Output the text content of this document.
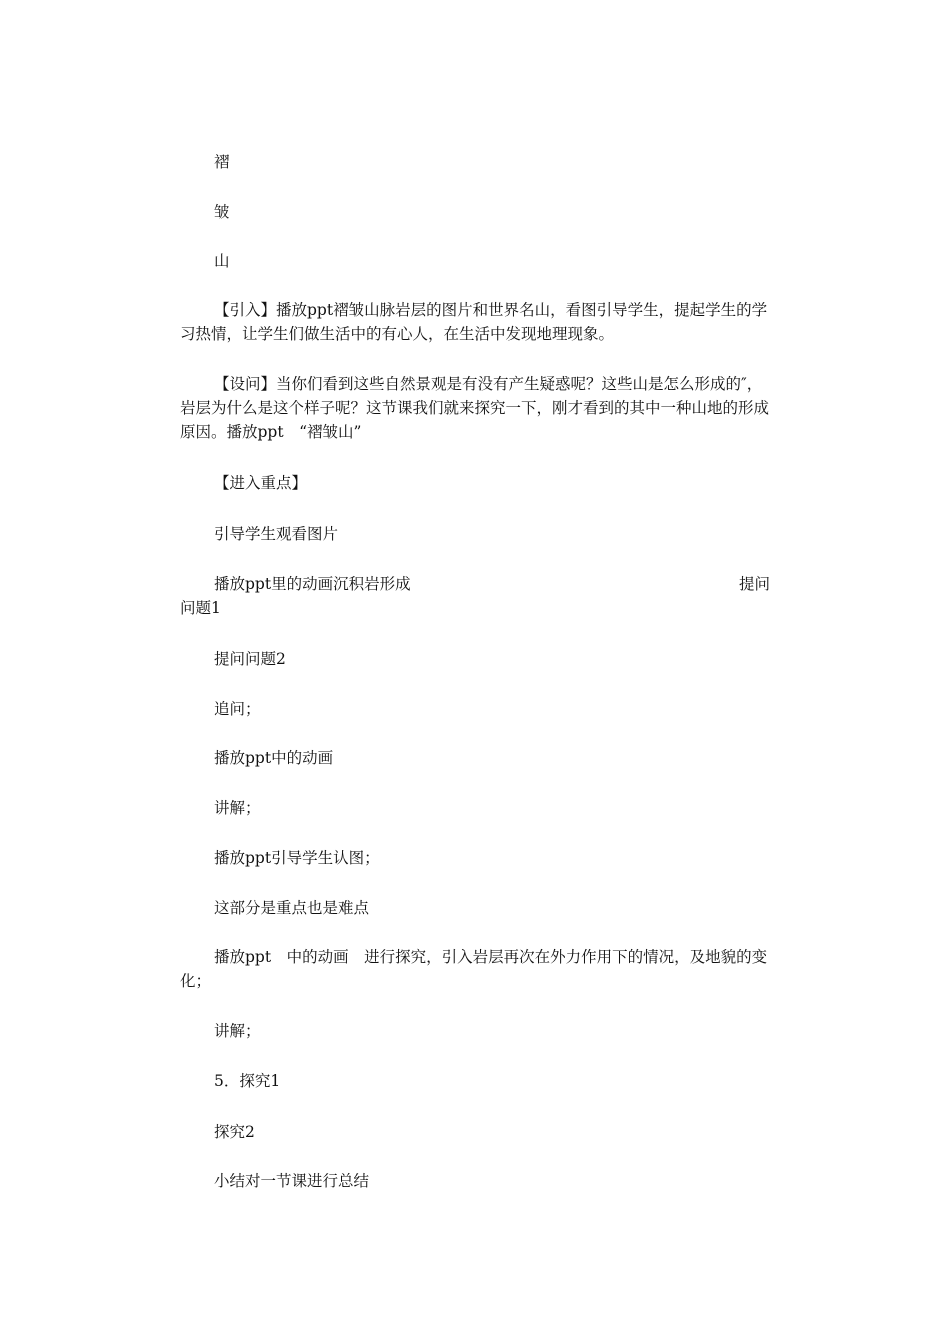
褶
皱
山
【引入】播放ppt褶皱山脉岩层的图片和世界名山，看图引导学生，提起学生的学习热情，让学生们做生活中的有心人，在生活中发现地理现象。
【设问】当你们看到这些自然景观是有没有产生疑惑呢？这些山是怎么形成的″，岩层为什么是这个样子呢？这节课我们就来探究一下，刚才看到的其中一种山地的形成原因。播放ppt　“褶皱山”
【进入重点】
引导学生观看图片
播放ppt里的动画沉积岩形成	提问
问题1
提问问题2
追问；
播放ppt中的动画
讲解；
播放ppt引导学生认图；
这部分是重点也是难点
播放ppt　中的动画　进行探究，引入岩层再次在外力作用下的情况，及地貌的变化；
讲解；
5．探究1
探究2
小结对一节课进行总结
